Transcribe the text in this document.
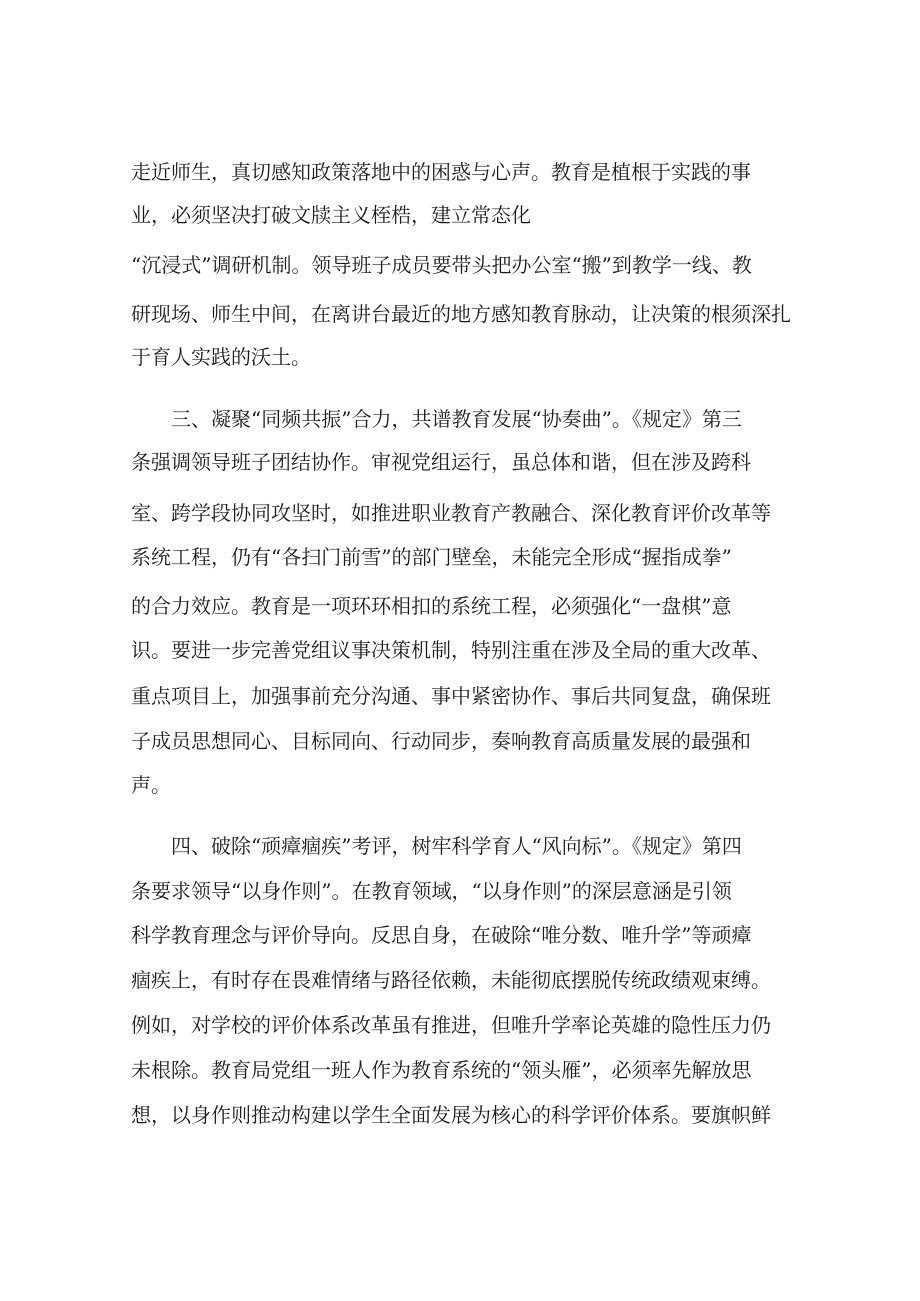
走近师生，真切感知政策落地中的困惑与心声。教育是植根于实践的事
业，必须坚决打破文牍主义桎梏，建立常态化
“沉浸式”调研机制。领导班子成员要带头把办公室“搬”到教学一线、教
研现场、师生中间，在离讲台最近的地方感知教育脉动，让决策的根须深扎
于育人实践的沃土。
　　三、凝聚“同频共振”合力，共谱教育发展“协奏曲”。《规定》第三
条强调领导班子团结协作。审视党组运行，虽总体和谐，但在涉及跨科
室、跨学段协同攻坚时，如推进职业教育产教融合、深化教育评价改革等
系统工程，仍有“各扫门前雪”的部门壁垒，未能完全形成“握指成拳”
的合力效应。教育是一项环环相扣的系统工程，必须强化“一盘棋”意
识。要进一步完善党组议事决策机制，特别注重在涉及全局的重大改革、
重点项目上，加强事前充分沟通、事中紧密协作、事后共同复盘，确保班
子成员思想同心、目标同向、行动同步，奏响教育高质量发展的最强和
声。
　　四、破除“顽瘴痼疾”考评，树牢科学育人“风向标”。《规定》第四
条要求领导“以身作则”。在教育领域，“以身作则”的深层意涵是引领
科学教育理念与评价导向。反思自身，在破除“唯分数、唯升学”等顽瘴
痼疾上，有时存在畏难情绪与路径依赖，未能彻底摆脱传统政绩观束缚。
例如，对学校的评价体系改革虽有推进，但唯升学率论英雄的隐性压力仍
未根除。教育局党组一班人作为教育系统的“领头雁”，必须率先解放思
想，以身作则推动构建以学生全面发展为核心的科学评价体系。要旗帜鲜
